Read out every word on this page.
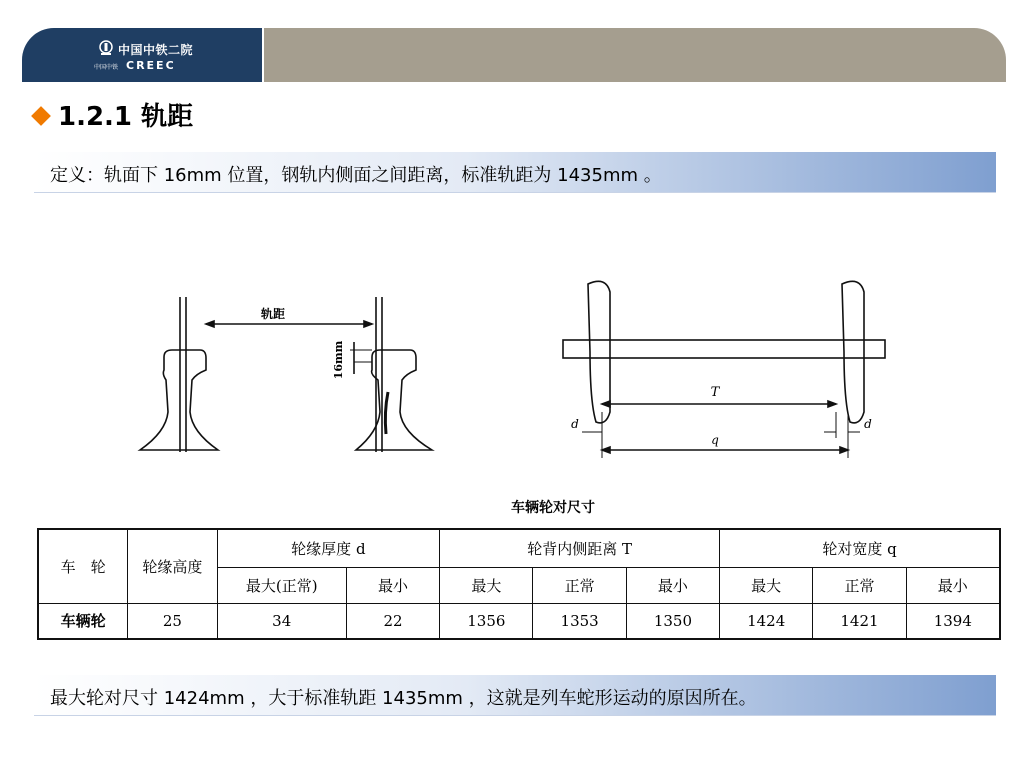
中国中铁二院
中国中铁 CREEC
1.2.1 轨距
定义：轨面下 16mm 位置，钢轨内侧面之间距离，标准轨距为 1435mm 。
轨距
16mm
T
d	d
q
车辆轮对尺寸
车　轮	轮缘高度	轮缘厚度 d		轮背内侧距离 T			轮对宽度 q		
		最大(正常)	最小	最大	正常	最小	最大	正常	最小
车辆轮	25	34	22	1356	1353	1350	1424	1421	1394
最大轮对尺寸 1424mm ，大于标准轨距 1435mm ，这就是列车蛇形运动的原因所在。
